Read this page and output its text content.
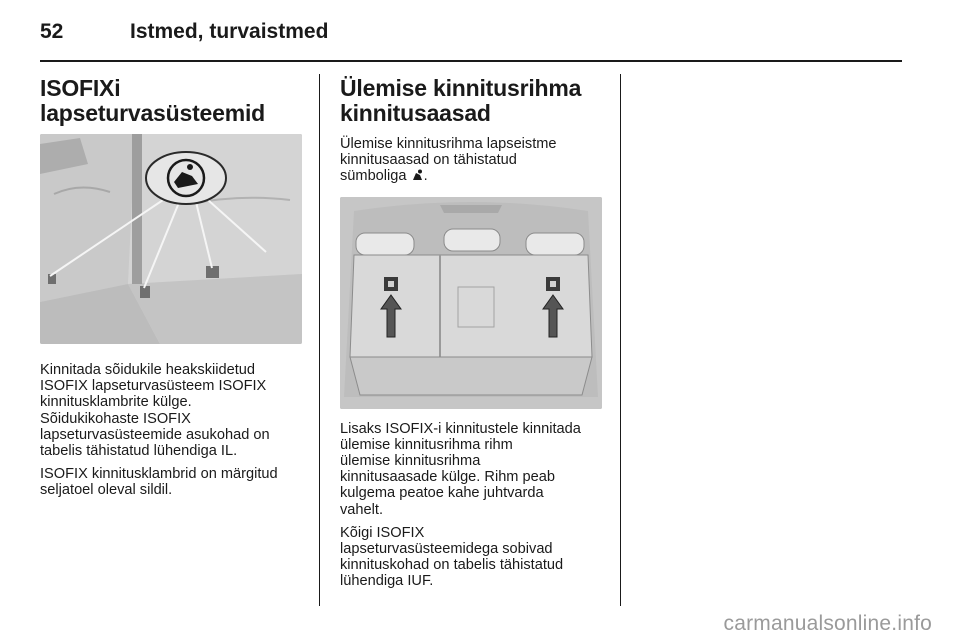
52	Istmed, turvaistmed
ISOFIXi
lapseturvasüsteemid

Kinnitada sõidukile heakskiidetud
ISOFIX lapseturvasüsteem ISOFIX
kinnitusklambrite külge.
Sõidukikohaste ISOFIX
lapseturvasüsteemide asukohad on
tabelis tähistatud lühendiga IL.

ISOFIX kinnitusklambrid on märgitud
seljatoel oleval sildil.

Ülemise kinnitusrihma
kinnitusaasad

Ülemise kinnitusrihma lapseistme
kinnitusaasad on tähistatud
sümboliga .

Lisaks ISOFIX-i kinnitustele kinnitada
ülemise kinnitusrihma rihm
ülemise kinnitusrihma
kinnitusaasade külge. Rihm peab
kulgema peatoe kahe juhtvarda
vahelt.

Kõigi ISOFIX
lapseturvasüsteemidega sobivad
kinnituskohad on tabelis tähistatud
lühendiga IUF.

carmanualsonline.info
